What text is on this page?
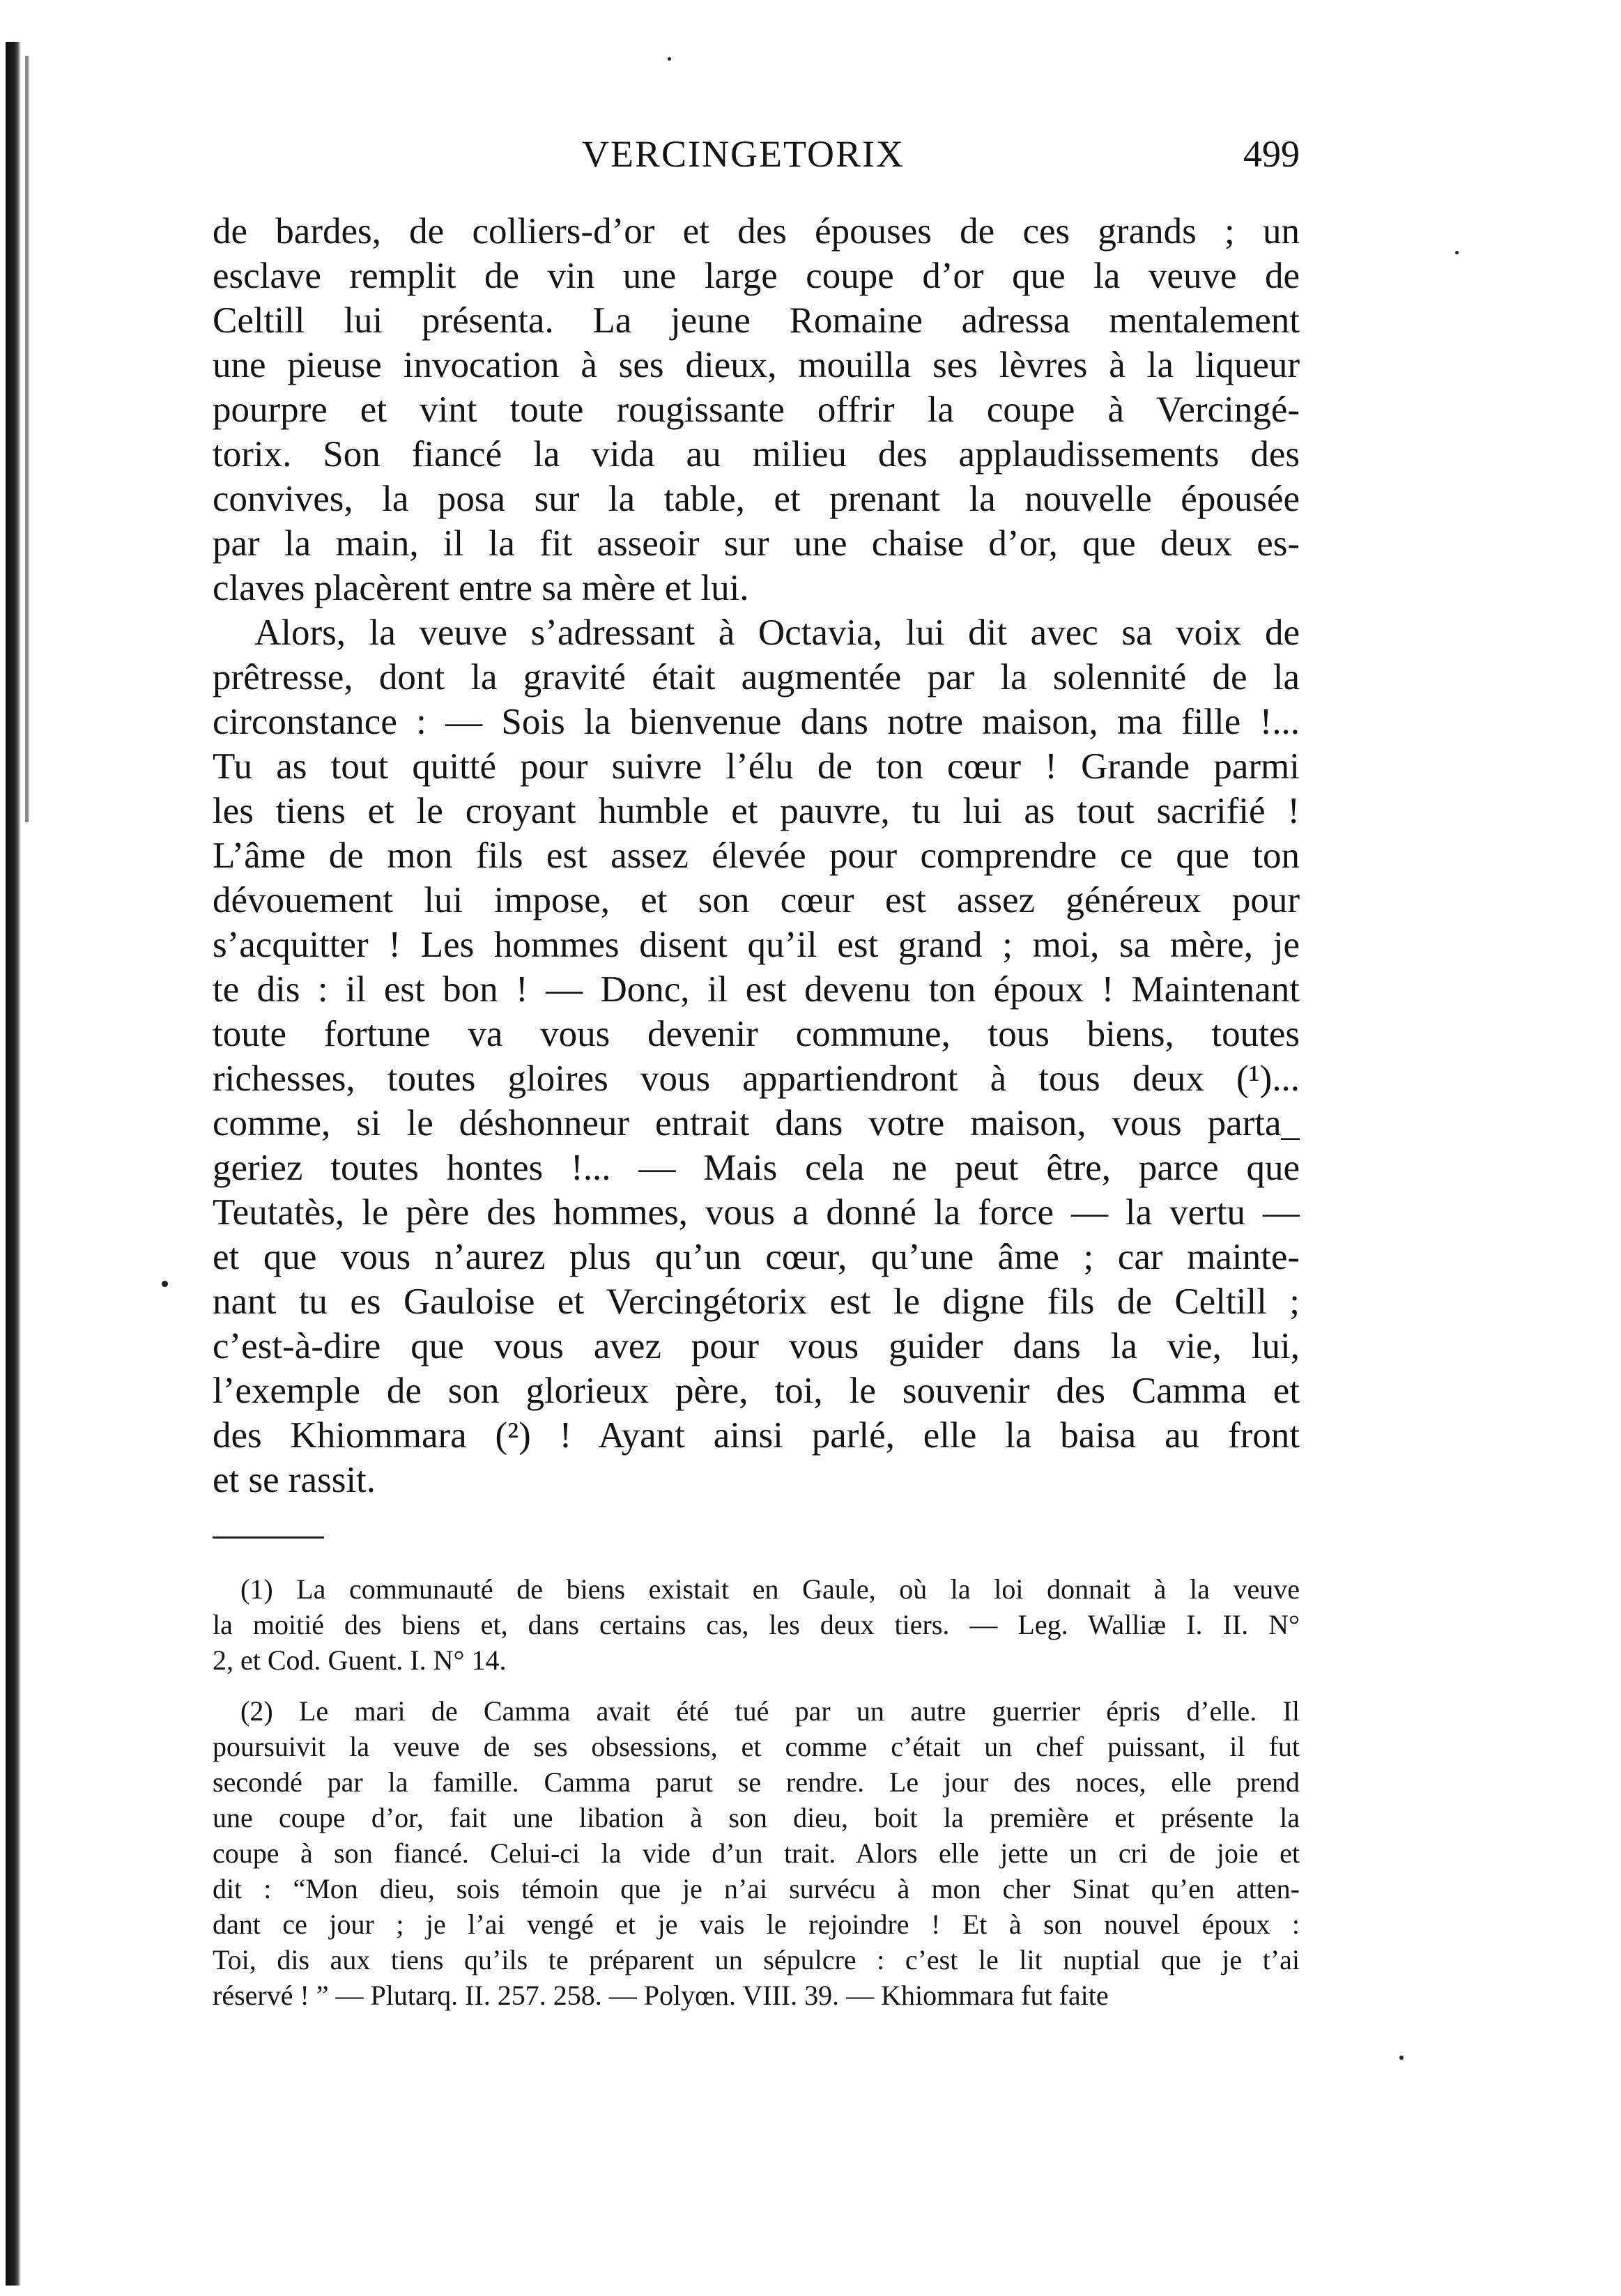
VERCINGETORIX	499
de bardes, de colliers-d’or et des épouses de ces grands ; un
esclave remplit de vin une large coupe d’or que la veuve de
Celtill lui présenta. La jeune Romaine adressa mentalement
une pieuse invocation à ses dieux, mouilla ses lèvres à la liqueur
pourpre et vint toute rougissante offrir la coupe à Vercingé-
torix. Son fiancé la vida au milieu des applaudissements des
convives, la posa sur la table, et prenant la nouvelle épousée
par la main, il la fit asseoir sur une chaise d’or, que deux es-
claves placèrent entre sa mère et lui.
Alors, la veuve s’adressant à Octavia, lui dit avec sa voix de
prêtresse, dont la gravité était augmentée par la solennité de la
circonstance : — Sois la bienvenue dans notre maison, ma fille !...
Tu as tout quitté pour suivre l’élu de ton cœur ! Grande parmi
les tiens et le croyant humble et pauvre, tu lui as tout sacrifié !
L’âme de mon fils est assez élevée pour comprendre ce que ton
dévouement lui impose, et son cœur est assez généreux pour
s’acquitter ! Les hommes disent qu’il est grand ; moi, sa mère, je
te dis : il est bon ! — Donc, il est devenu ton époux ! Maintenant
toute fortune va vous devenir commune, tous biens, toutes
richesses, toutes gloires vous appartiendront à tous deux (¹)...
comme, si le déshonneur entrait dans votre maison, vous parta_
geriez toutes hontes !... — Mais cela ne peut être, parce que
Teutatès, le père des hommes, vous a donné la force — la vertu —
et que vous n’aurez plus qu’un cœur, qu’une âme ; car mainte-
nant tu es Gauloise et Vercingétorix est le digne fils de Celtill ;
c’est-à-dire que vous avez pour vous guider dans la vie, lui,
l’exemple de son glorieux père, toi, le souvenir des Camma et
des Khiommara (²) ! Ayant ainsi parlé, elle la baisa au front
et se rassit.
(1) La communauté de biens existait en Gaule, où la loi donnait à la veuve
la moitié des biens et, dans certains cas, les deux tiers. — Leg. Walliæ I. II. N°
2, et Cod. Guent. I. N° 14.
(2) Le mari de Camma avait été tué par un autre guerrier épris d’elle. Il
poursuivit la veuve de ses obsessions, et comme c’était un chef puissant, il fut
secondé par la famille. Camma parut se rendre. Le jour des noces, elle prend
une coupe d’or, fait une libation à son dieu, boit la première et présente la
coupe à son fiancé. Celui-ci la vide d’un trait. Alors elle jette un cri de joie et
dit : “Mon dieu, sois témoin que je n’ai survécu à mon cher Sinat qu’en atten-
dant ce jour ; je l’ai vengé et je vais le rejoindre ! Et à son nouvel époux :
Toi, dis aux tiens qu’ils te préparent un sépulcre : c’est le lit nuptial que je t’ai
réservé ! ” — Plutarq. II. 257. 258. — Polyœn. VIII. 39. — Khiommara fut faite
